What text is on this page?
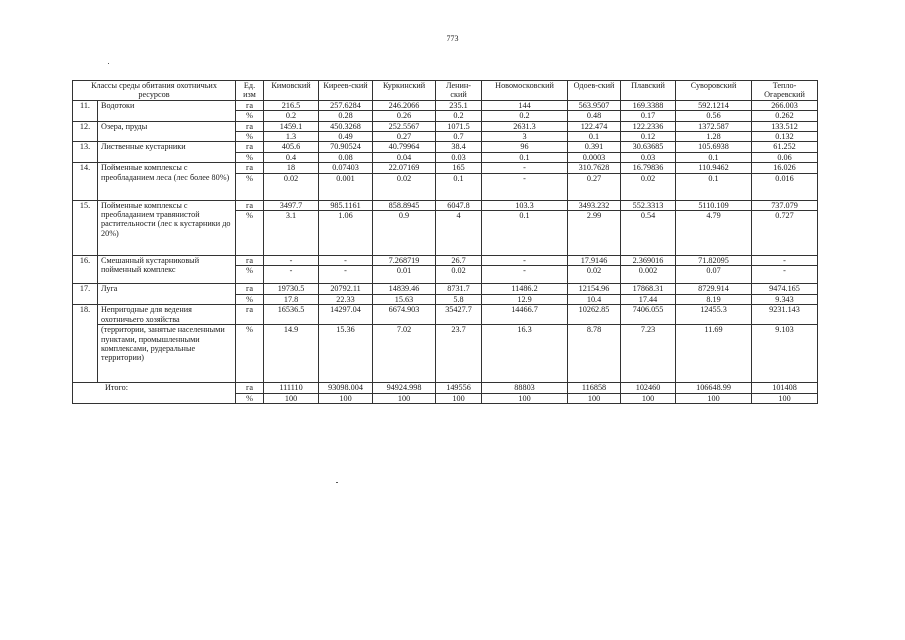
773
Классы среды обитания охотничьих ресурсов		Ед. изм	Кимовский	Киреев-ский	Куркинский	Ленин-ский	Новомосковский	Одоев-ский	Плавский	Суворовский	Тепло-Огаревский
11.	Водотоки	га	216.5	257.6284	246.2066	235.1	144	563.9507	169.3388	592.1214	266.003
		%	0.2	0.28	0.26	0.2	0.2	0.48	0.17	0.56	0.262
12.	Озера, пруды	га	1459.1	450.3268	252.5567	1071.5	2631.3	122.474	122.2336	1372.587	133.512
		%	1.3	0.49	0.27	0.7	3	0.1	0.12	1.28	0.132
13.	Лиственные кустарники	га	405.6	70.90524	40.79964	38.4	96	0.391	30.63685	105.6938	61.252
		%	0.4	0.08	0.04	0.03	0.1	0.0003	0.03	0.1	0.06
14.	Пойменные комплексы с преобладанием леса (лес более 80%)	га	18	0.07403	22.07169	165	-	310.7628	16.79836	110.9462	16.026
		%	0.02	0.001	0.02	0.1	-	0.27	0.02	0.1	0.016
15.	Пойменные комплексы с преобладанием травянистой растительности (лес к кустарники до 20%)	га	3497.7	985.1161	858.8945	6047.8	103.3	3493.232	552.3313	5110.109	737.079
		%	3.1	1.06	0.9	4	0.1	2.99	0.54	4.79	0.727
16.	Смешанный кустарниковый пойменный комплекс	га	-	-	7.268719	26.7	-	17.9146	2.369016	71.82095	-
		%	-	-	0.01	0.02	-	0.02	0.002	0.07	-
17.	Луга	га	19730.5	20792.11	14839.46	8731.7	11486.2	12154.96	17868.31	8729.914	9474.165
		%	17.8	22.33	15.63	5.8	12.9	10.4	17.44	8.19	9.343
18.	Непригодные для ведения охотничьего хозяйства	га	16536.5	14297.04	6674.903	35427.7	14466.7	10262.85	7406.055	12455.3	9231.143
	(территории, занятые населенными пунктами, промышленными комплексами, рудеральные территории)	%	14.9	15.36	7.02	23.7	16.3	8.78	7.23	11.69	9.103
Итого:		га	111110	93098.004	94924.998	149556	88803	116858	102460	106648.99	101408
		%	100	100	100	100	100	100	100	100	100
